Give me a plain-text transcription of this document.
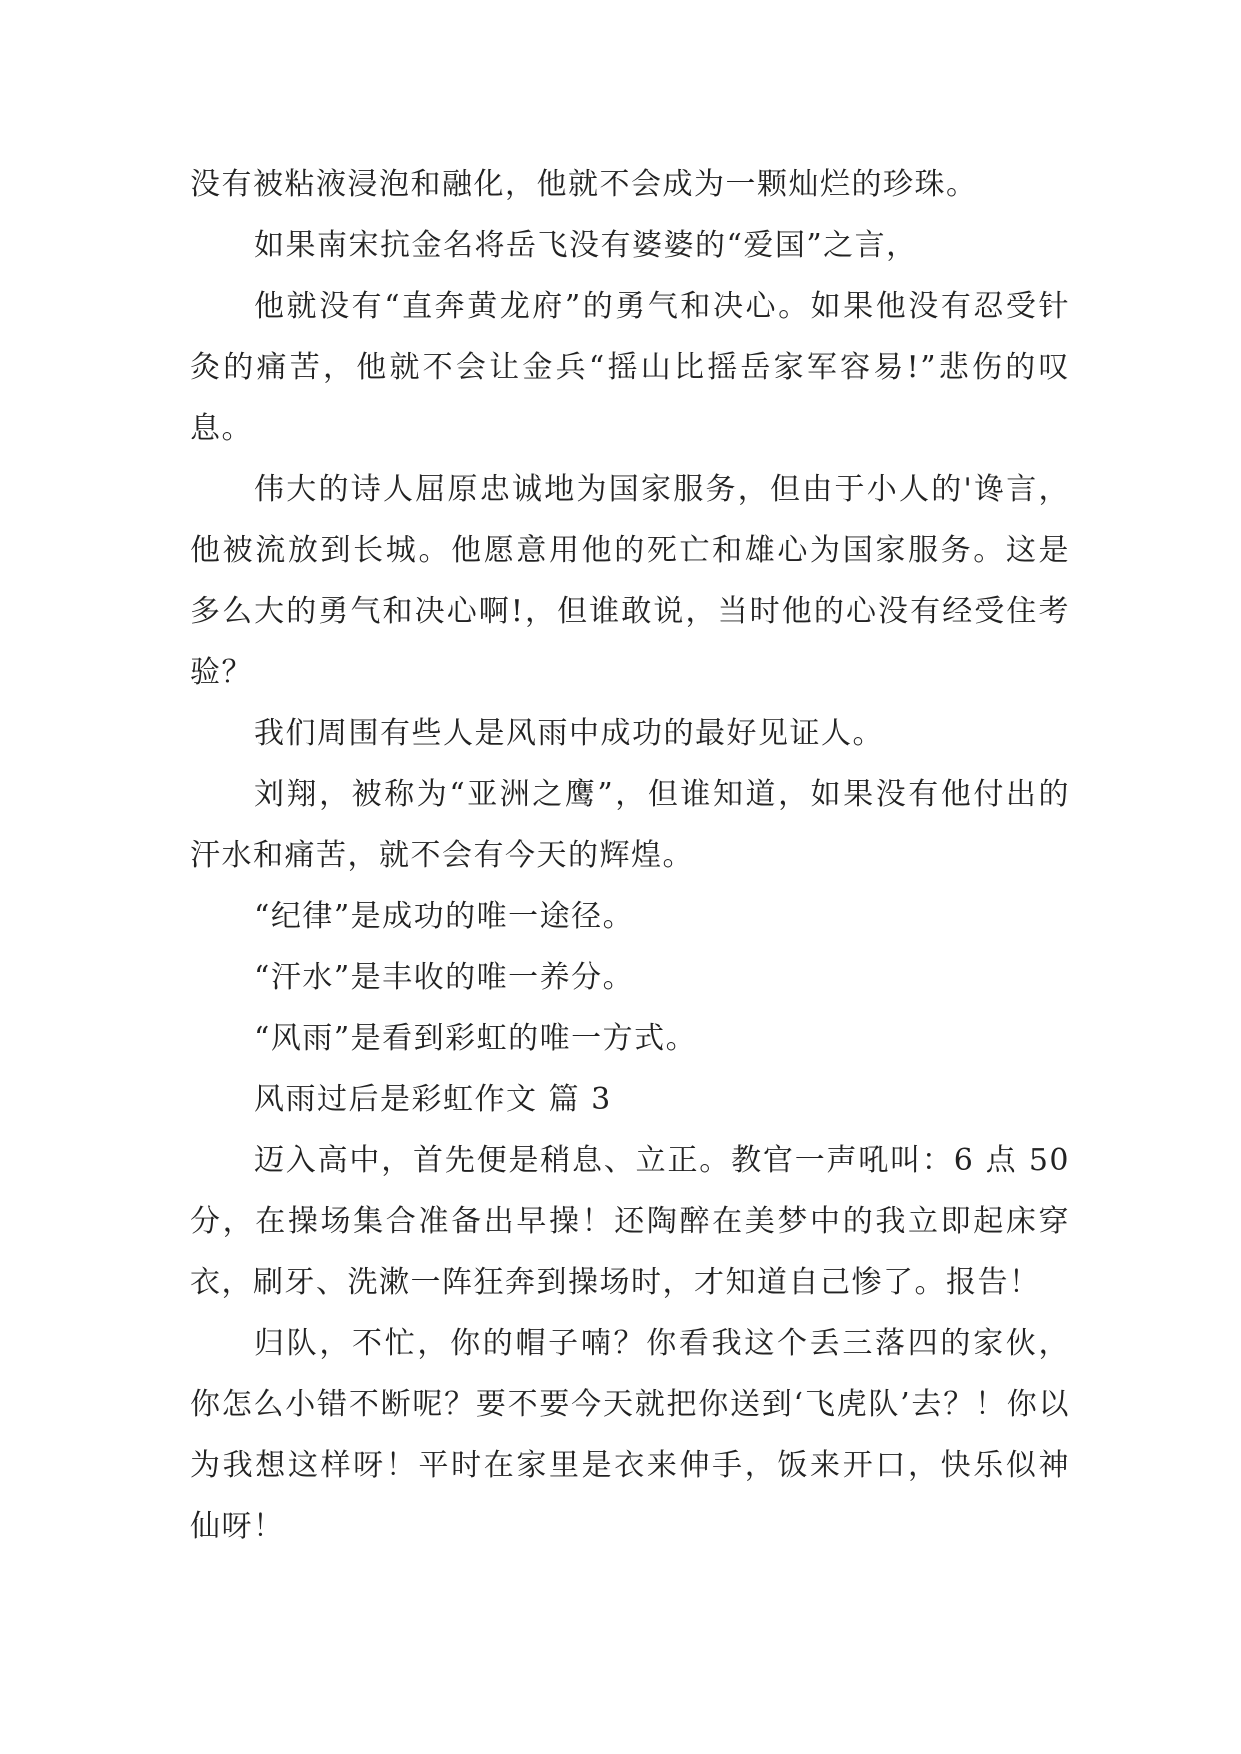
没有被粘液浸泡和融化，他就不会成为一颗灿烂的珍珠。

如果南宋抗金名将岳飞没有婆婆的“爱国”之言，

他就没有“直奔黄龙府”的勇气和决心。如果他没有忍受针灸的痛苦，他就不会让金兵“摇山比摇岳家军容易!”悲伤的叹息。

伟大的诗人屈原忠诚地为国家服务，但由于小人的'谗言，他被流放到长城。他愿意用他的死亡和雄心为国家服务。这是多么大的勇气和决心啊!，但谁敢说，当时他的心没有经受住考验？

我们周围有些人是风雨中成功的最好见证人。

刘翔，被称为“亚洲之鹰”，但谁知道，如果没有他付出的汗水和痛苦，就不会有今天的辉煌。

“纪律”是成功的唯一途径。

“汗水”是丰收的唯一养分。

“风雨”是看到彩虹的唯一方式。

风雨过后是彩虹作文 篇 3

迈入高中，首先便是稍息、立正。教官一声吼叫：6 点 50 分，在操场集合准备出早操！还陶醉在美梦中的我立即起床穿衣，刷牙、洗漱一阵狂奔到操场时，才知道自己惨了。报告！

归队，不忙，你的帽子喃？你看我这个丢三落四的家伙，你怎么小错不断呢？要不要今天就把你送到‘飞虎队’去？！你以为我想这样呀！平时在家里是衣来伸手，饭来开口，快乐似神仙呀！
